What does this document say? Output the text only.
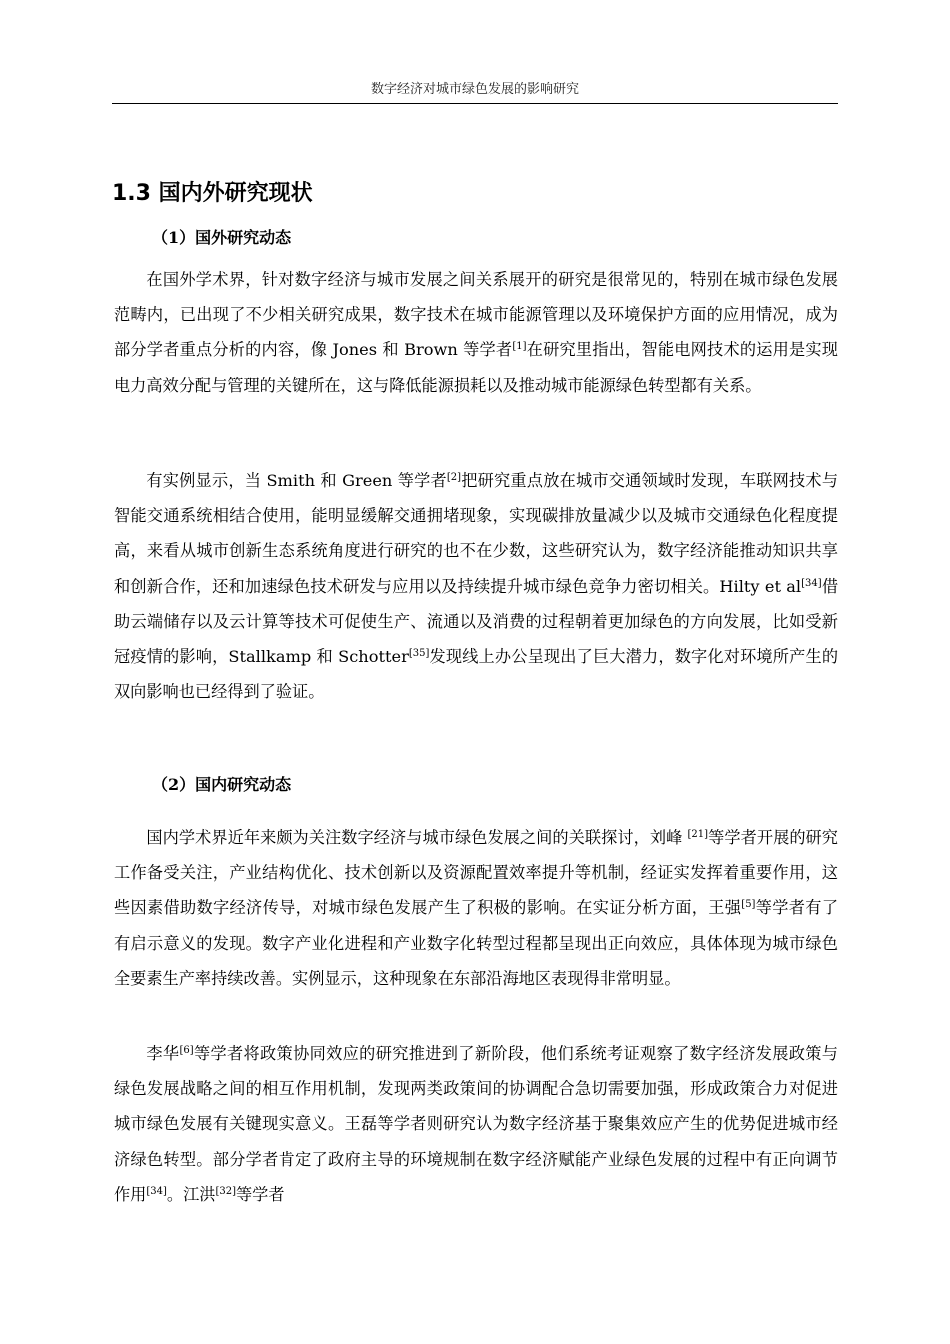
数字经济对城市绿色发展的影响研究
1.3 国内外研究现状
（1）国外研究动态

在国外学术界，针对数字经济与城市发展之间关系展开的研究是很常见的，特别在城市绿色发展范畴内，已出现了不少相关研究成果，数字技术在城市能源管理以及环境保护方面的应用情况，成为部分学者重点分析的内容，像 Jones 和 Brown 等学者[1]在研究里指出，智能电网技术的运用是实现电力高效分配与管理的关键所在，这与降低能源损耗以及推动城市能源绿色转型都有关系。

有实例显示，当 Smith 和 Green 等学者[2]把研究重点放在城市交通领域时发现，车联网技术与智能交通系统相结合使用，能明显缓解交通拥堵现象，实现碳排放量减少以及城市交通绿色化程度提高，来看从城市创新生态系统角度进行研究的也不在少数，这些研究认为，数字经济能推动知识共享和创新合作，还和加速绿色技术研发与应用以及持续提升城市绿色竞争力密切相关。Hilty et al[34]借助云端储存以及云计算等技术可促使生产、流通以及消费的过程朝着更加绿色的方向发展，比如受新冠疫情的影响，Stallkamp 和 Schotter[35]发现线上办公呈现出了巨大潜力，数字化对环境所产生的双向影响也已经得到了验证。

（2）国内研究动态

国内学术界近年来颇为关注数字经济与城市绿色发展之间的关联探讨，刘峰 [21]等学者开展的研究工作备受关注，产业结构优化、技术创新以及资源配置效率提升等机制，经证实发挥着重要作用，这些因素借助数字经济传导，对城市绿色发展产生了积极的影响。在实证分析方面，王强[5]等学者有了有启示意义的发现。数字产业化进程和产业数字化转型过程都呈现出正向效应，具体体现为城市绿色全要素生产率持续改善。实例显示，这种现象在东部沿海地区表现得非常明显。

李华[6]等学者将政策协同效应的研究推进到了新阶段，他们系统考证观察了数字经济发展政策与绿色发展战略之间的相互作用机制，发现两类政策间的协调配合急切需要加强，形成政策合力对促进城市绿色发展有关键现实意义。王磊等学者则研究认为数字经济基于聚集效应产生的优势促进城市经济绿色转型。部分学者肯定了政府主导的环境规制在数字经济赋能产业绿色发展的过程中有正向调节作用[34]。江洪[32]等学者
